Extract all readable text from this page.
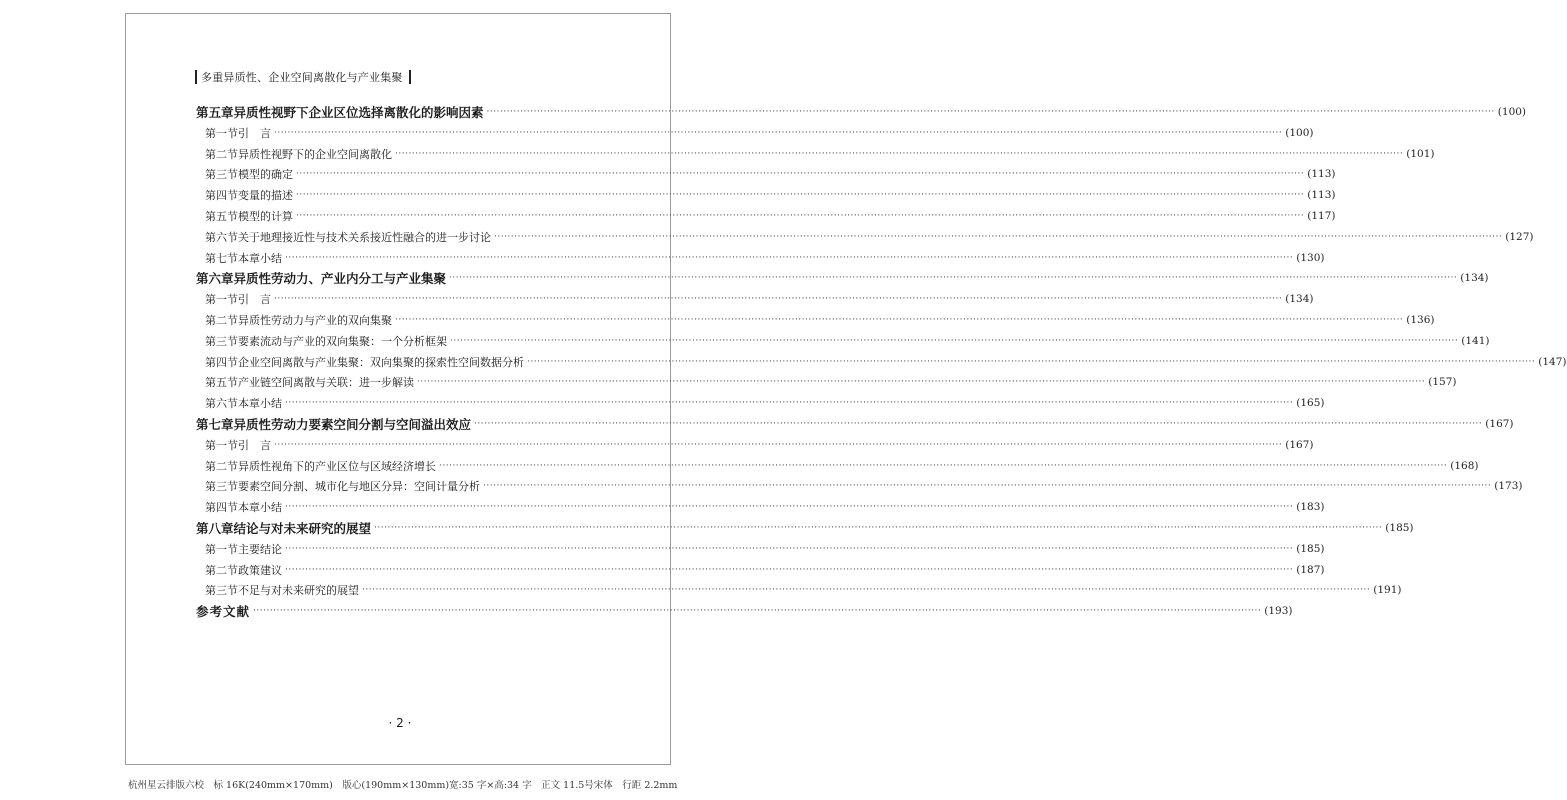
多重异质性、企业空间离散化与产业集聚
第五章 异质性视野下企业区位选择离散化的影响因素 ············································································································································································································································································································ (100)
第一节 引　言 ············································································································································································································································································································ (100)
第二节 异质性视野下的企业空间离散化 ············································································································································································································································································································ (101)
第三节 模型的确定 ············································································································································································································································································································ (113)
第四节 变量的描述 ············································································································································································································································································································ (113)
第五节 模型的计算 ············································································································································································································································································································ (117)
第六节 关于地理接近性与技术关系接近性融合的进一步讨论 ············································································································································································································································································································ (127)
第七节 本章小结 ············································································································································································································································································································ (130)
第六章 异质性劳动力、产业内分工与产业集聚 ············································································································································································································································································································ (134)
第一节 引　言 ············································································································································································································································································································ (134)
第二节 异质性劳动力与产业的双向集聚 ············································································································································································································································································································ (136)
第三节 要素流动与产业的双向集聚：一个分析框架 ············································································································································································································································································································ (141)
第四节 企业空间离散与产业集聚：双向集聚的探索性空间数据分析 ············································································································································································································································································································ (147)
第五节 产业链空间离散与关联：进一步解读 ············································································································································································································································································································ (157)
第六节 本章小结 ············································································································································································································································································································ (165)
第七章 异质性劳动力要素空间分割与空间溢出效应 ············································································································································································································································································································ (167)
第一节 引　言 ············································································································································································································································································································ (167)
第二节 异质性视角下的产业区位与区域经济增长 ············································································································································································································································································································ (168)
第三节 要素空间分割、城市化与地区分异：空间计量分析 ············································································································································································································································································································ (173)
第四节 本章小结 ············································································································································································································································································································ (183)
第八章 结论与对未来研究的展望 ············································································································································································································································································································ (185)
第一节 主要结论 ············································································································································································································································································································ (185)
第二节 政策建议 ············································································································································································································································································································ (187)
第三节 不足与对未来研究的展望 ············································································································································································································································································································ (191)
参考文献 ············································································································································································································································································································ (193)
· 2 ·
杭州星云排版六校　标 16K(240mm×170mm)　版心(190mm×130mm)宽:35 字×高:34 字　正文 11.5号宋体　行距 2.2mm
